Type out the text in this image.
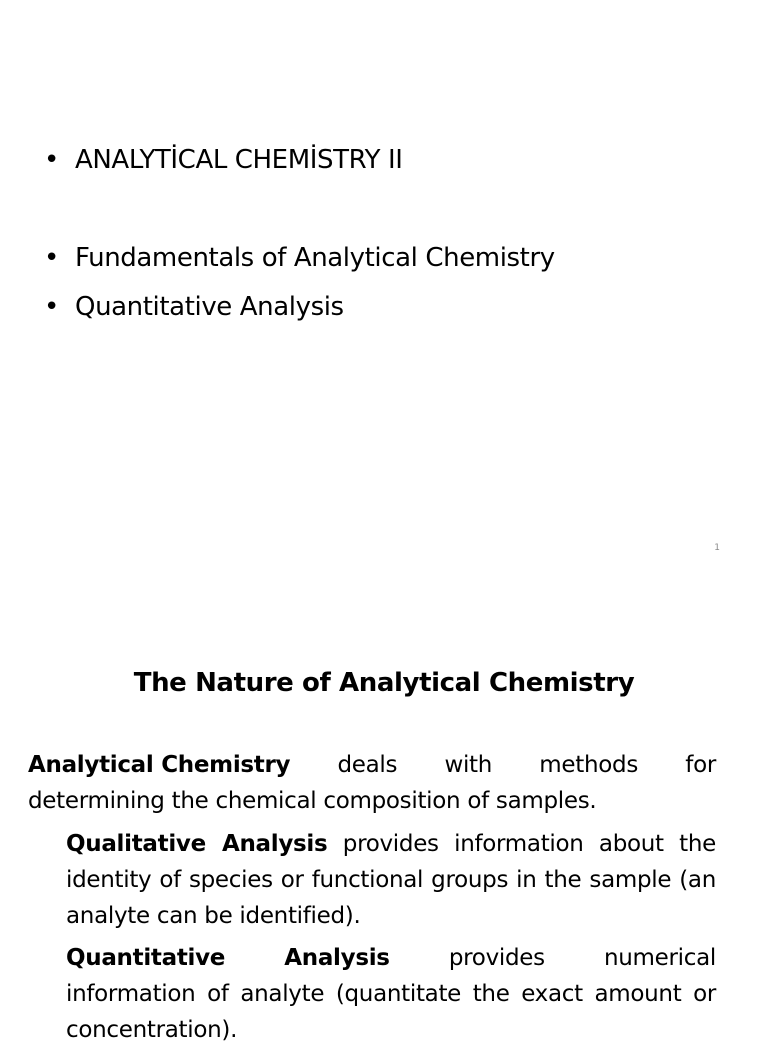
• ANALYTİCAL CHEMİSTRY II
• Fundamentals of Analytical Chemistry
• Quantitative Analysis
1
The Nature of Analytical Chemistry
Analytical Chemistry deals with methods for
determining the chemical composition of samples.
Qualitative Analysis provides information about the identity of species or functional groups in the sample (an analyte can be identified).
Quantitative	Analysis	provides	numerical
information of analyte (quantitate the exact amount or concentration).
